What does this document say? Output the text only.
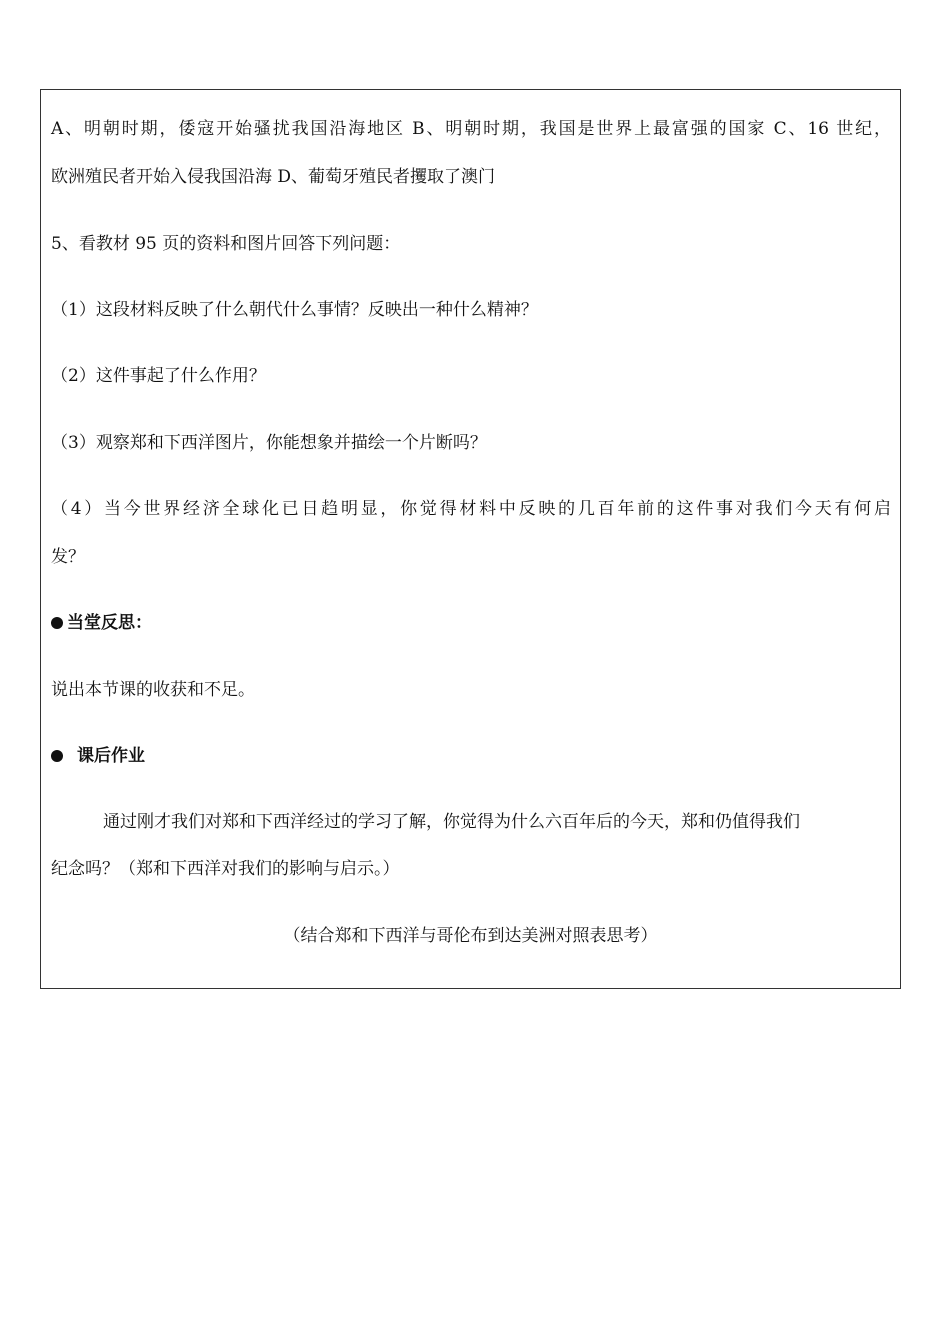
A、明朝时期，倭寇开始骚扰我国沿海地区 B、明朝时期，我国是世界上最富强的国家 C、16 世纪，
欧洲殖民者开始入侵我国沿海 D、葡萄牙殖民者攫取了澳门
5、看教材 95 页的资料和图片回答下列问题：
（1）这段材料反映了什么朝代什么事情？反映出一种什么精神？
（2）这件事起了什么作用？
（3）观察郑和下西洋图片，你能想象并描绘一个片断吗？
（4）当今世界经济全球化已日趋明显，你觉得材料中反映的几百年前的这件事对我们今天有何启
发？
当堂反思：
说出本节课的收获和不足。
课后作业
通过刚才我们对郑和下西洋经过的学习了解，你觉得为什么六百年后的今天，郑和仍值得我们
纪念吗？（郑和下西洋对我们的影响与启示。）
（结合郑和下西洋与哥伦布到达美洲对照表思考）
